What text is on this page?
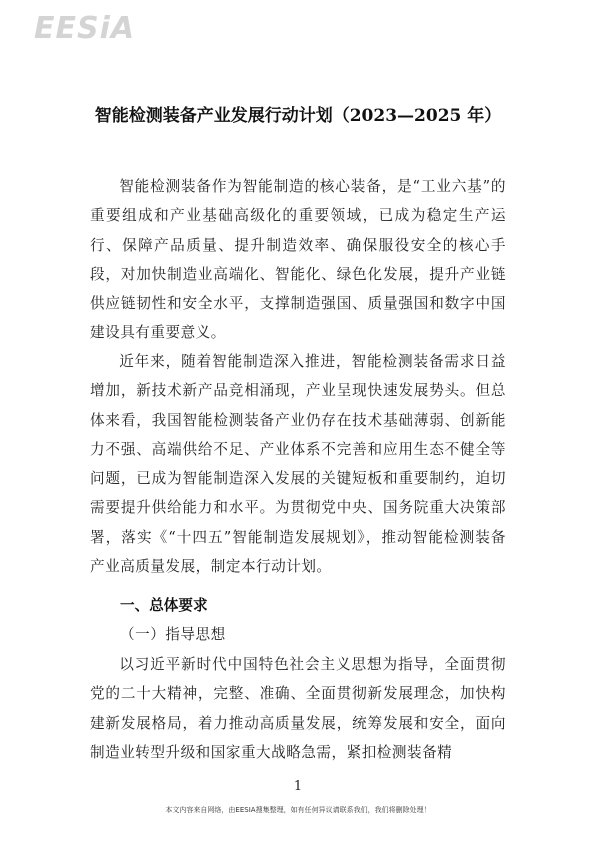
EESiA
智能检测装备产业发展行动计划（2023—2025 年）

智能检测装备作为智能制造的核心装备，是“工业六基”的重要组成和产业基础高级化的重要领域，已成为稳定生产运行、保障产品质量、提升制造效率、确保服役安全的核心手段，对加快制造业高端化、智能化、绿色化发展，提升产业链供应链韧性和安全水平，支撑制造强国、质量强国和数字中国建设具有重要意义。

近年来，随着智能制造深入推进，智能检测装备需求日益增加，新技术新产品竞相涌现，产业呈现快速发展势头。但总体来看，我国智能检测装备产业仍存在技术基础薄弱、创新能力不强、高端供给不足、产业体系不完善和应用生态不健全等问题，已成为智能制造深入发展的关键短板和重要制约，迫切需要提升供给能力和水平。为贯彻党中央、国务院重大决策部署，落实《“十四五”智能制造发展规划》，推动智能检测装备产业高质量发展，制定本行动计划。

一、总体要求
（一）指导思想

以习近平新时代中国特色社会主义思想为指导，全面贯彻党的二十大精神，完整、准确、全面贯彻新发展理念，加快构建新发展格局，着力推动高质量发展，统筹发展和安全，面向制造业转型升级和国家重大战略急需，紧扣检测装备精

1
本文内容来自网络，由EESIA搜集整理，如有任何异议请联系我们，我们将删除处理！
